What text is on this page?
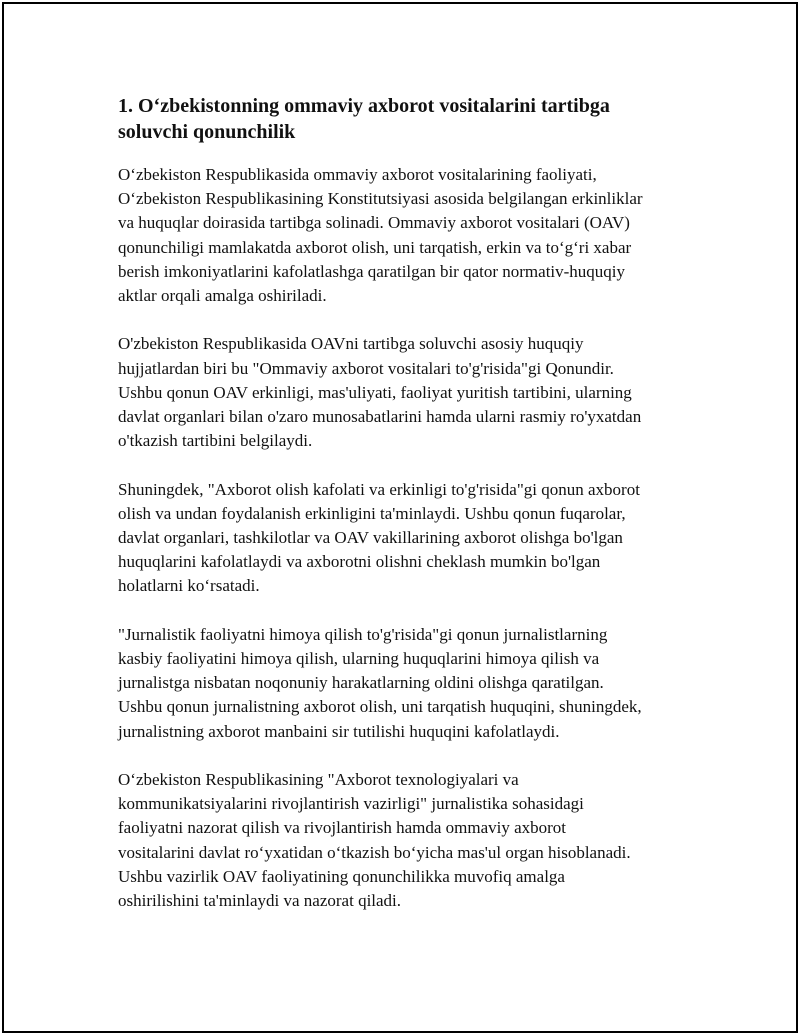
1. O‘zbekistonning ommaviy axborot vositalarini tartibga
soluvchi qonunchilik

O‘zbekiston Respublikasida ommaviy axborot vositalarining faoliyati,
O‘zbekiston Respublikasining Konstitutsiyasi asosida belgilangan erkinliklar
va huquqlar doirasida tartibga solinadi. Ommaviy axborot vositalari (OAV)
qonunchiligi mamlakatda axborot olish, uni tarqatish, erkin va to‘g‘ri xabar
berish imkoniyatlarini kafolatlashga qaratilgan bir qator normativ-huquqiy
aktlar orqali amalga oshiriladi.

O'zbekiston Respublikasida OAVni tartibga soluvchi asosiy huquqiy
hujjatlardan biri bu "Ommaviy axborot vositalari to'g'risida"gi Qonundir.
Ushbu qonun OAV erkinligi, mas'uliyati, faoliyat yuritish tartibini, ularning
davlat organlari bilan o'zaro munosabatlarini hamda ularni rasmiy ro'yxatdan
o'tkazish tartibini belgilaydi.

Shuningdek, "Axborot olish kafolati va erkinligi to'g'risida"gi qonun axborot
olish va undan foydalanish erkinligini ta'minlaydi. Ushbu qonun fuqarolar,
davlat organlari, tashkilotlar va OAV vakillarining axborot olishga bo'lgan
huquqlarini kafolatlaydi va axborotni olishni cheklash mumkin bo'lgan
holatlarni ko‘rsatadi.

"Jurnalistik faoliyatni himoya qilish to'g'risida"gi qonun jurnalistlarning
kasbiy faoliyatini himoya qilish, ularning huquqlarini himoya qilish va
jurnalistga nisbatan noqonuniy harakatlarning oldini olishga qaratilgan.
Ushbu qonun jurnalistning axborot olish, uni tarqatish huquqini, shuningdek,
jurnalistning axborot manbaini sir tutilishi huquqini kafolatlaydi.

O‘zbekiston Respublikasining "Axborot texnologiyalari va
kommunikatsiyalarini rivojlantirish vazirligi" jurnalistika sohasidagi
faoliyatni nazorat qilish va rivojlantirish hamda ommaviy axborot
vositalarini davlat ro‘yxatidan o‘tkazish bo‘yicha mas'ul organ hisoblanadi.
Ushbu vazirlik OAV faoliyatining qonunchilikka muvofiq amalga
oshirilishini ta'minlaydi va nazorat qiladi.
